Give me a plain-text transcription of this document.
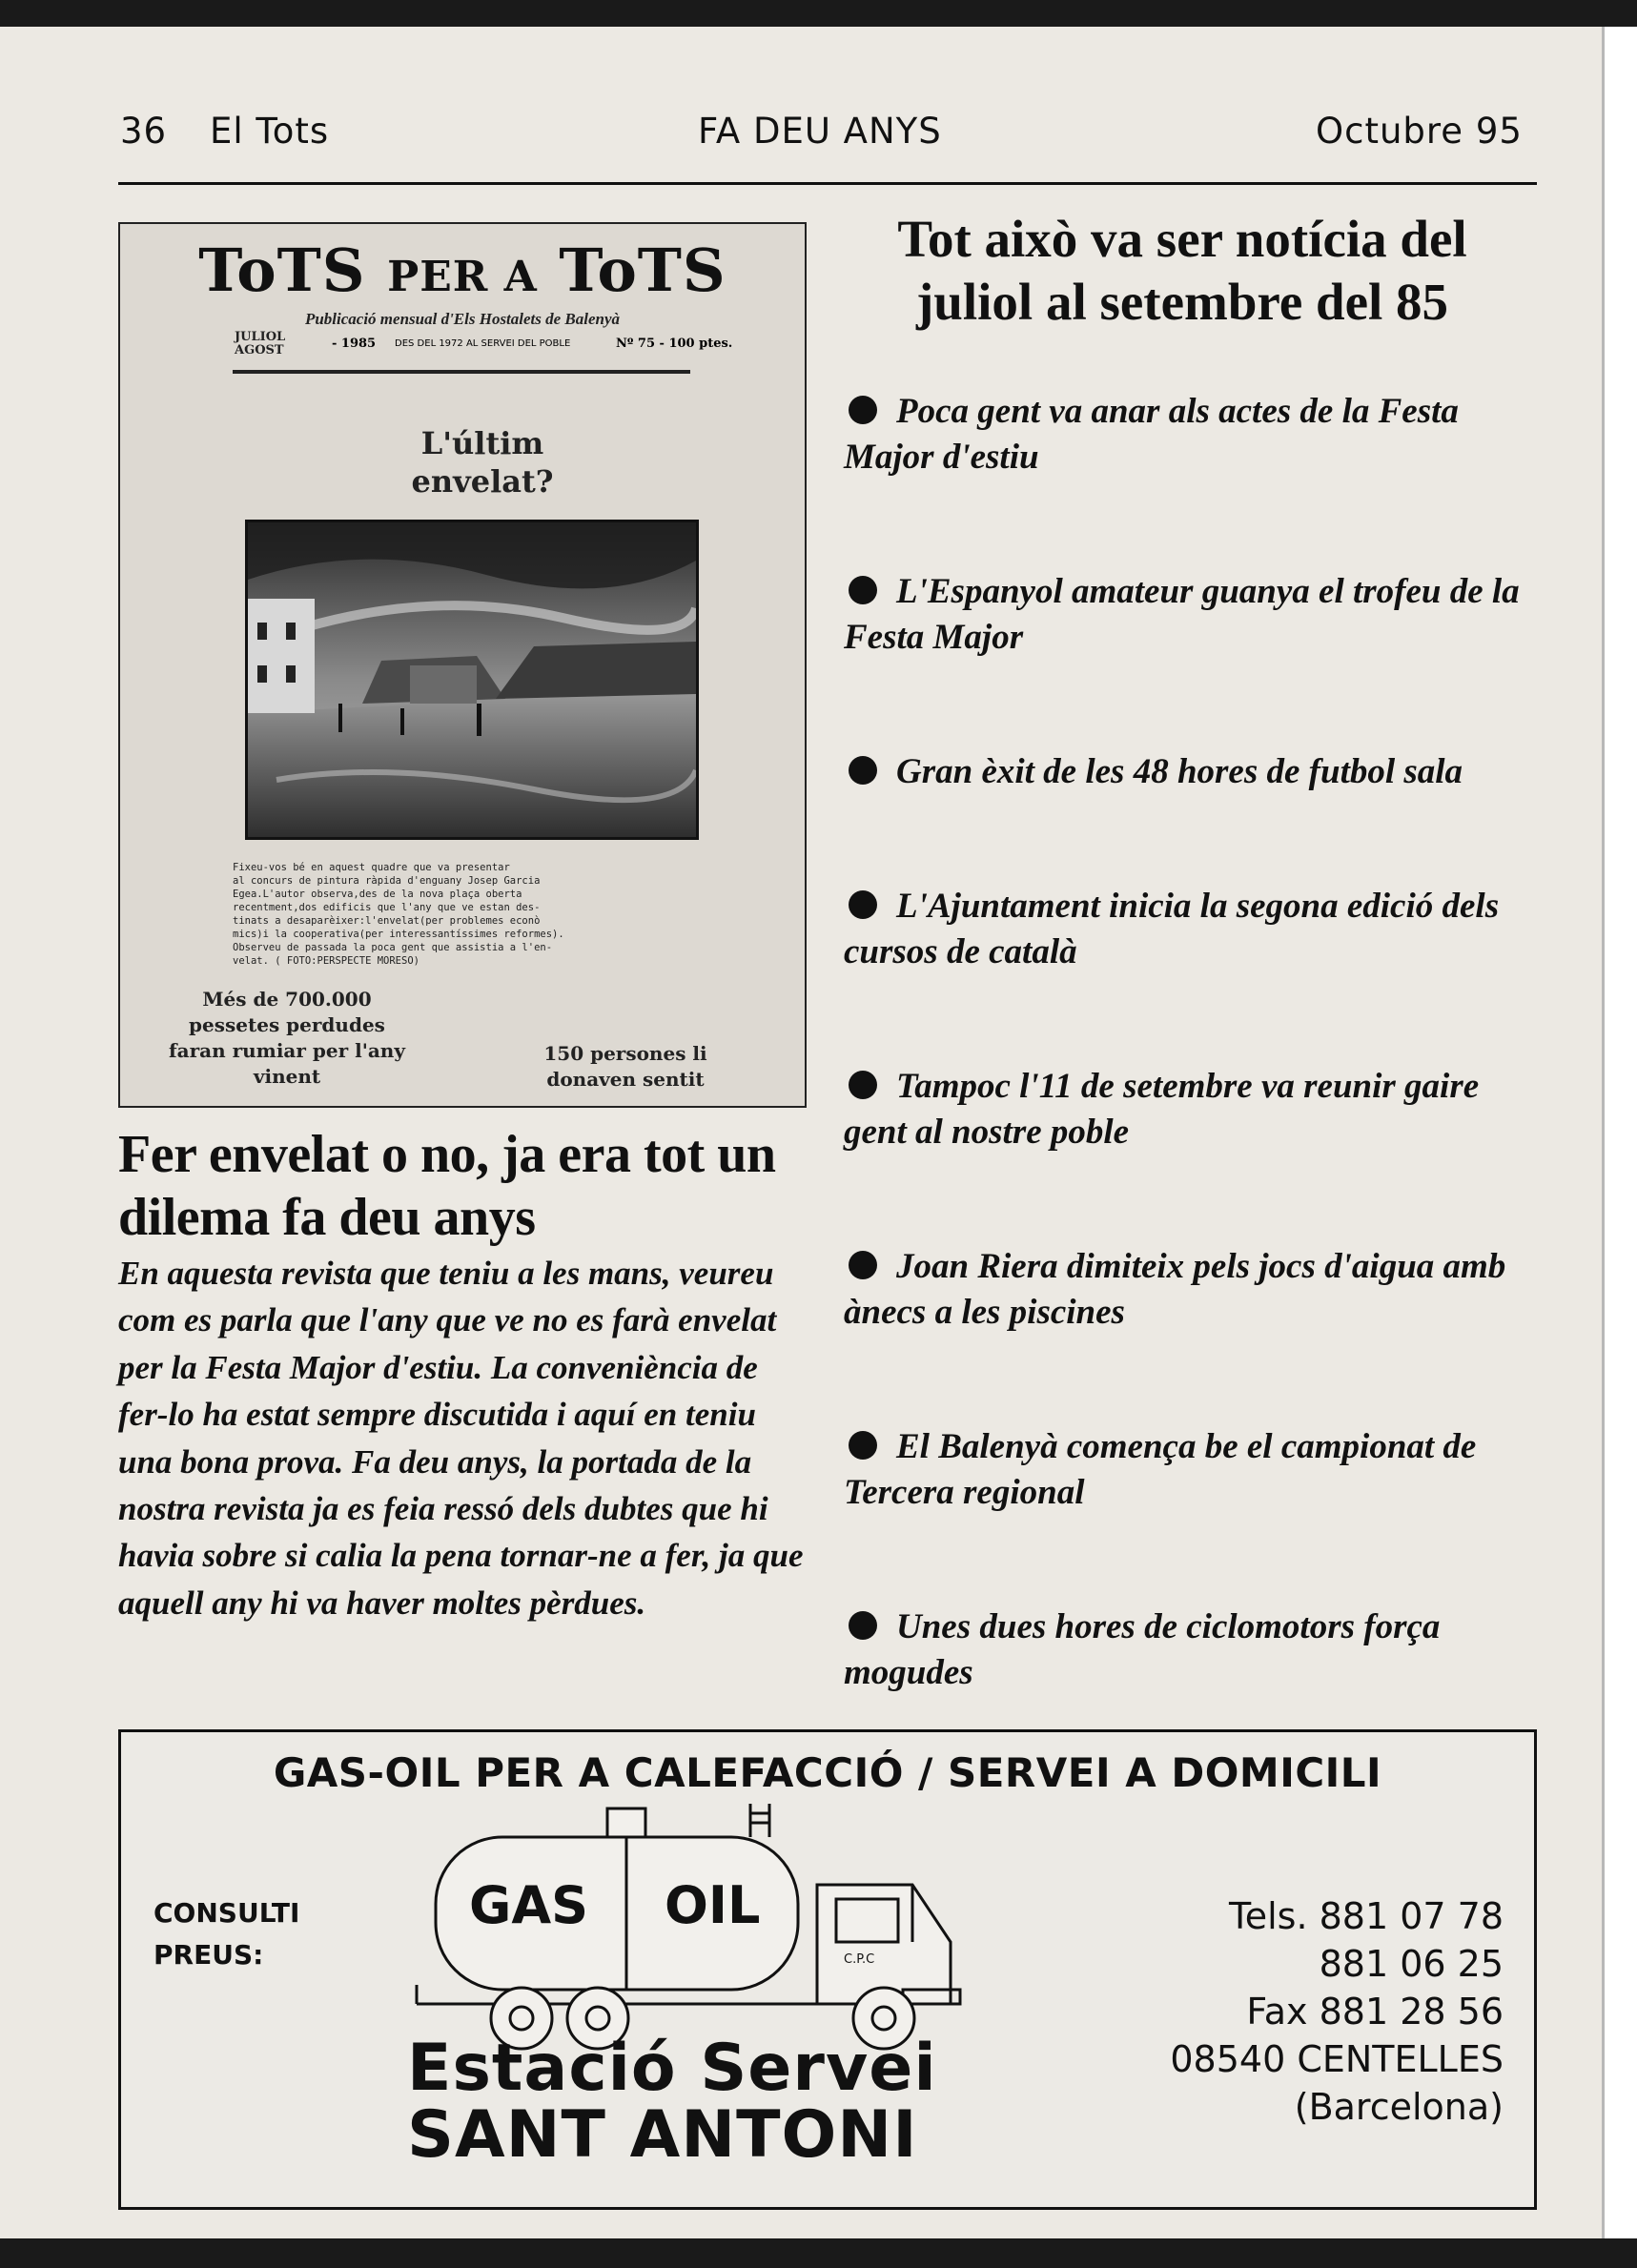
36 El Tots	FA DEU ANYS	Octubre 95
ToTS PER A ToTS
Publicació mensual d'Els Hostalets de Balenyà
JULIOL
AGOST	- 1985 DES DEL 1972 AL SERVEI DEL POBLE	Nº 75 - 100 ptes.
L'últim envelat?
Fixeu-vos bé en aquest quadre que va presentar
al concurs de pintura ràpida d'enguany Josep Garcia
Egea.L'autor observa,des de la nova plaça oberta
recentment,dos edificis que l'any que ve estan des-
tinats a desaparèixer:l'envelat(per problemes econò
mics)i la cooperativa(per interessantíssimes reformes).
Observeu de passada la poca gent que assistia a l'en-
velat. ( FOTO:PERSPECTE MORESO)
Més de 700.000 pessetes perdudes faran rumiar per l'any vinent
150 persones li donaven sentit
Fer envelat o no, ja era tot un dilema fa deu anys
En aquesta revista que teniu a les mans, veureu com es parla que l'any que ve no es farà envelat per la Festa Major d'estiu. La conveniència de fer-lo ha estat sempre discutida i aquí en teniu una bona prova. Fa deu anys, la portada de la nostra revista ja es feia ressó dels dubtes que hi havia sobre si calia la pena tornar-ne a fer, ja que aquell any hi va haver moltes pèrdues.
Tot això va ser notícia del juliol al setembre del 85
Poca gent va anar als actes de la Festa Major d'estiu
L'Espanyol amateur guanya el trofeu de la Festa Major
Gran èxit de les 48 hores de futbol sala
L'Ajuntament inicia la segona edició dels cursos de català
Tampoc l'11 de setembre va reunir gaire gent al nostre poble
Joan Riera dimiteix pels jocs d'aigua amb ànecs a les piscines
El Balenyà comença be el campionat de Tercera regional
Unes dues hores de ciclomotors força mogudes
GAS-OIL PER A CALEFACCIÓ / SERVEI A DOMICILI
CONSULTI
PREUS:
GAS OIL
C.P.C
Estació Servei
SANT ANTONI
Tels. 881 07 78
881 06 25
Fax 881 28 56
08540 CENTELLES
(Barcelona)
